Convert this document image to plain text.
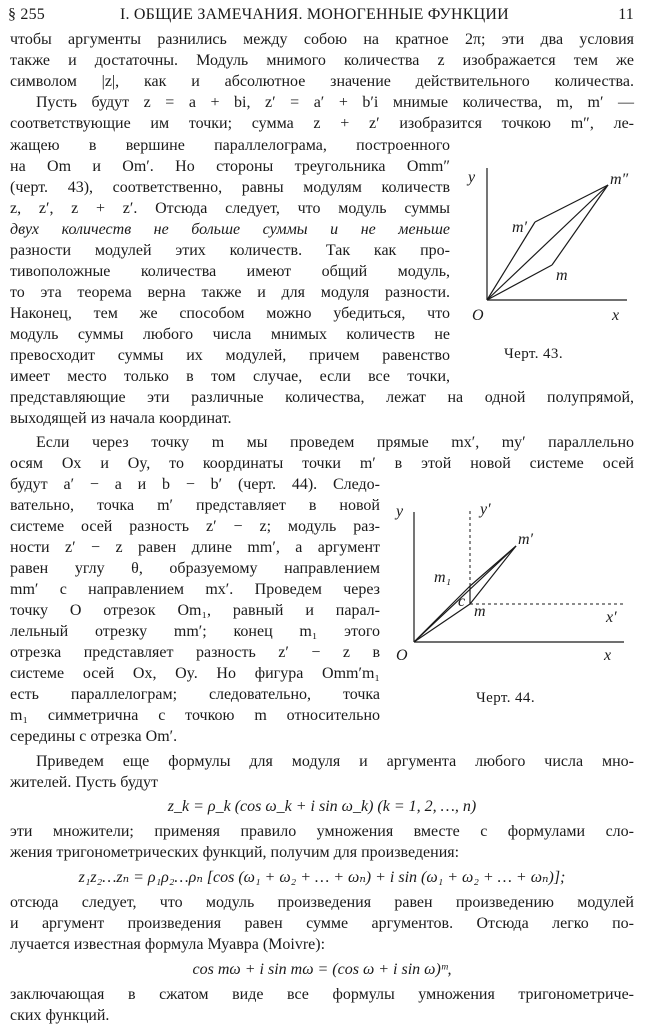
§ 255	I. ОБЩИЕ ЗАМЕЧАНИЯ. МОНОГЕННЫЕ ФУНКЦИИ	11
чтобы аргументы разнились между собою на кратное 2π; эти два условия
также и достаточны. Модуль мнимого количества z изображается тем же
символом |z|, как и абсолютное значение действительного количества.
Пусть будут z = a + bi, z′ = a′ + b′i мнимые количества, m, m′ —
соответствующие им точки; сумма z + z′ изобразится точкою m″, ле-
жащею в вершине параллелограма, построенного
на Om и Om′. Но стороны треугольника Omm″
(черт. 43), соответственно, равны модулям количеств
z, z′, z + z′. Отсюда следует, что модуль суммы
двух количеств не больше суммы и не меньше
разности модулей этих количеств. Так как про-
тивоположные количества имеют общий модуль,
то эта теорема верна также и для модуля разности.
Наконец, тем же способом можно убедиться, что
модуль суммы любого числа мнимых количеств не
превосходит суммы их модулей, причем равенство
имеет место только в том случае, если все точки,
представляющие эти различные количества, лежат на одной полупрямой,
выходящей из начала координат.
Если через точку m мы проведем прямые mx′, my′ параллельно
осям Ox и Oy, то координаты точки m′ в этой новой системе осей
будут a′ − a и b − b′ (черт. 44). Следо-
вательно, точка m′ представляет в новой
системе осей разность z′ − z; модуль раз-
ности z′ − z равен длине mm′, а аргумент
равен углу θ, образуемому направлением
mm′ с направлением mx′. Проведем через
точку O отрезок Om₁, равный и парал-
лельный отрезку mm′; конец m₁ этого
отрезка представляет разность z′ − z в
системе осей Ox, Oy. Но фигура Omm′m₁
есть параллелограм; следовательно, точка
m₁ симметрична с точкою m относительно
середины c отрезка Om′.
Приведем еще формулы для модуля и аргумента любого числа мно-
жителей. Пусть будут
z_k = ρ_k (cos ω_k + i sin ω_k) (k = 1, 2, …, n)
эти множители; применяя правило умножения вместе с формулами сло-
жения тригонометрических функций, получим для произведения:
z₁z₂…zₙ = ρ₁ρ₂…ρₙ [cos (ω₁ + ω₂ + … + ωₙ) + i sin (ω₁ + ω₂ + … + ωₙ)];
отсюда следует, что модуль произведения равен произведению модулей
и аргумент произведения равен сумме аргументов. Отсюда легко по-
лучается известная формула Муавра (Moivre):
cos mω + i sin mω = (cos ω + i sin ω)ᵐ,
заключающая в сжатом виде все формулы умножения тригонометриче-
ских функций.
y
O	x
m′
m
m″
Черт. 43.
y	y′
O	x
x′
m′
m₁
m
c
Черт. 44.
